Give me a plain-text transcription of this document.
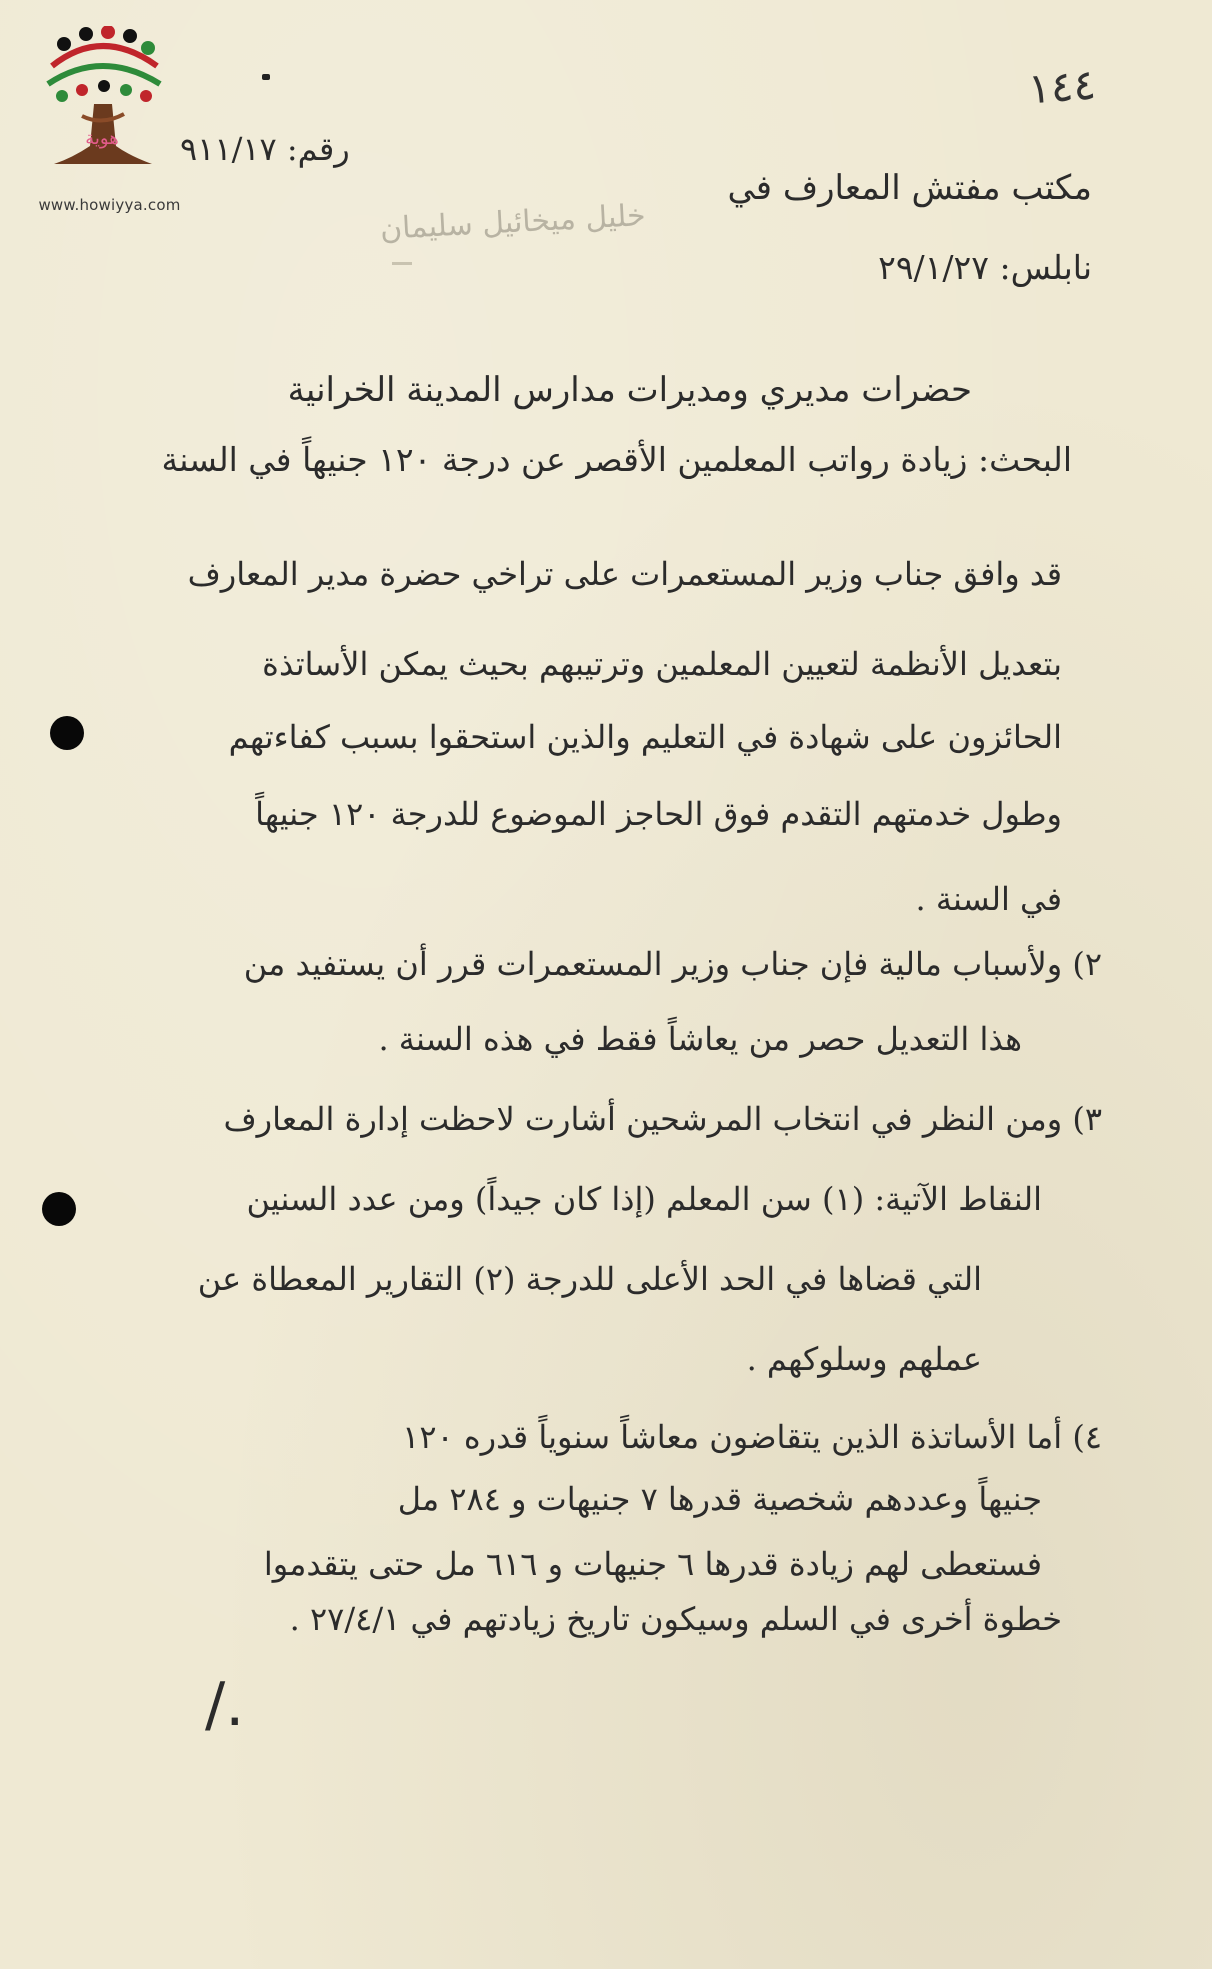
هوية
www.howiyya.com
١٤٤
رقم: ٩١١/١٧
مكتب مفتش المعارف في
خليل ميخائيل سليمان
نابلس: ٢٩/١/٢٧
حضرات مديري ومديرات مدارس المدينة الخرانية
البحث: زيادة رواتب المعلمين الأقصر عن درجة ١٢٠ جنيهاً في السنة
قد وافق جناب وزير المستعمرات على تراخي حضرة مدير المعارف
بتعديل الأنظمة لتعيين المعلمين وترتيبهم بحيث يمكن الأساتذة
الحائزون على شهادة في التعليم والذين استحقوا بسبب كفاءتهم
وطول خدمتهم التقدم فوق الحاجز الموضوع للدرجة ١٢٠ جنيهاً
في السنة .
٢) ولأسباب مالية فإن جناب وزير المستعمرات قرر أن يستفيد من
هذا التعديل حصر من يعاشاً فقط في هذه السنة .
٣) ومن النظر في انتخاب المرشحين أشارت لاحظت إدارة المعارف
النقاط الآتية: (١) سن المعلم (إذا كان جيداً) ومن عدد السنين
التي قضاها في الحد الأعلى للدرجة (٢) التقارير المعطاة عن
عملهم وسلوكهم .
٤) أما الأساتذة الذين يتقاضون معاشاً سنوياً قدره ١٢٠
جنيهاً وعددهم شخصية قدرها ٧ جنيهات و ٢٨٤ مل
فستعطى لهم زيادة قدرها ٦ جنيهات و ٦١٦ مل حتى يتقدموا
خطوة أخرى في السلم وسيكون تاريخ زيادتهم في ٢٧/٤/١ .
/.
